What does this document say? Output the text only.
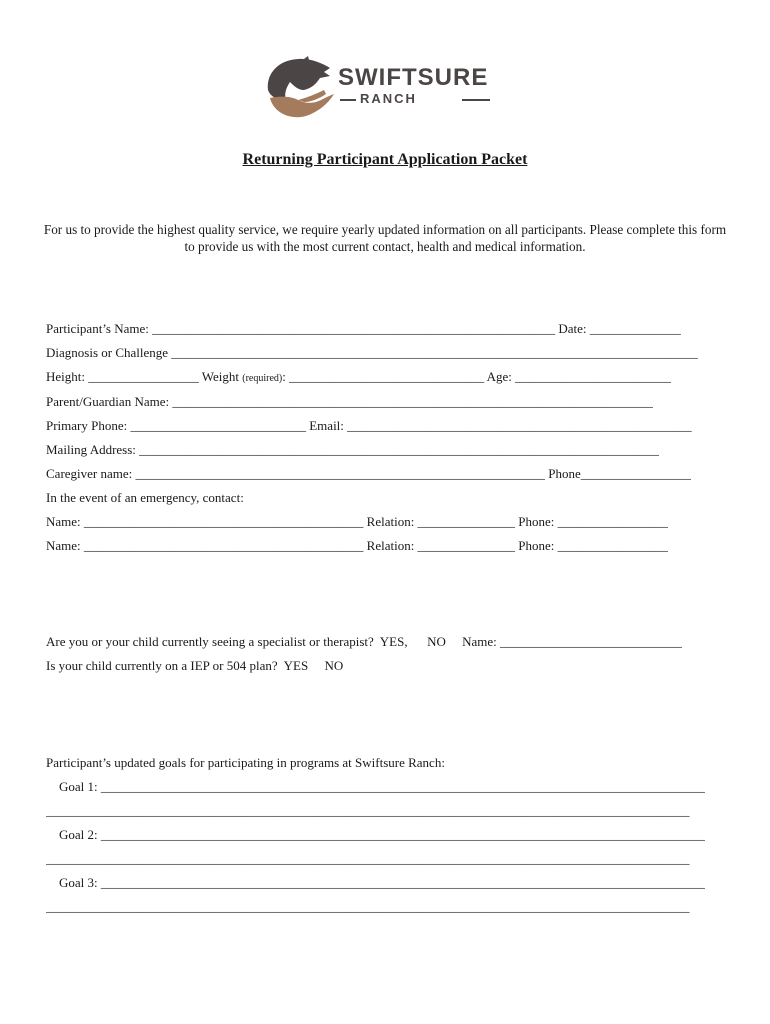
SWIFTSURE
RANCH
Returning Participant Application Packet
For us to provide the highest quality service, we require yearly updated information on all participants. Please complete this form to provide us with the most current contact, health and medical information.
Participant’s Name: ______________________________________________________________ Date: ______________
Diagnosis or Challenge _________________________________________________________________________________
Height: _________________ Weight (required): ______________________________ Age: ________________________
Parent/Guardian Name: __________________________________________________________________________
Primary Phone: ___________________________ Email: _____________________________________________________
Mailing Address: ________________________________________________________________________________
Caregiver name: _______________________________________________________________ Phone_________________
In the event of an emergency, contact:
Name: ___________________________________________ Relation: _______________ Phone: _________________
Name: ___________________________________________ Relation: _______________ Phone: _________________
Are you or your child currently seeing a specialist or therapist?  YES,      NO     Name: ____________________________
Is your child currently on a IEP or 504 plan?  YES     NO
Participant’s updated goals for participating in programs at Swiftsure Ranch:
Goal 1: _____________________________________________________________________________________________
___________________________________________________________________________________________________
Goal 2: _____________________________________________________________________________________________
___________________________________________________________________________________________________
Goal 3: _____________________________________________________________________________________________
___________________________________________________________________________________________________
